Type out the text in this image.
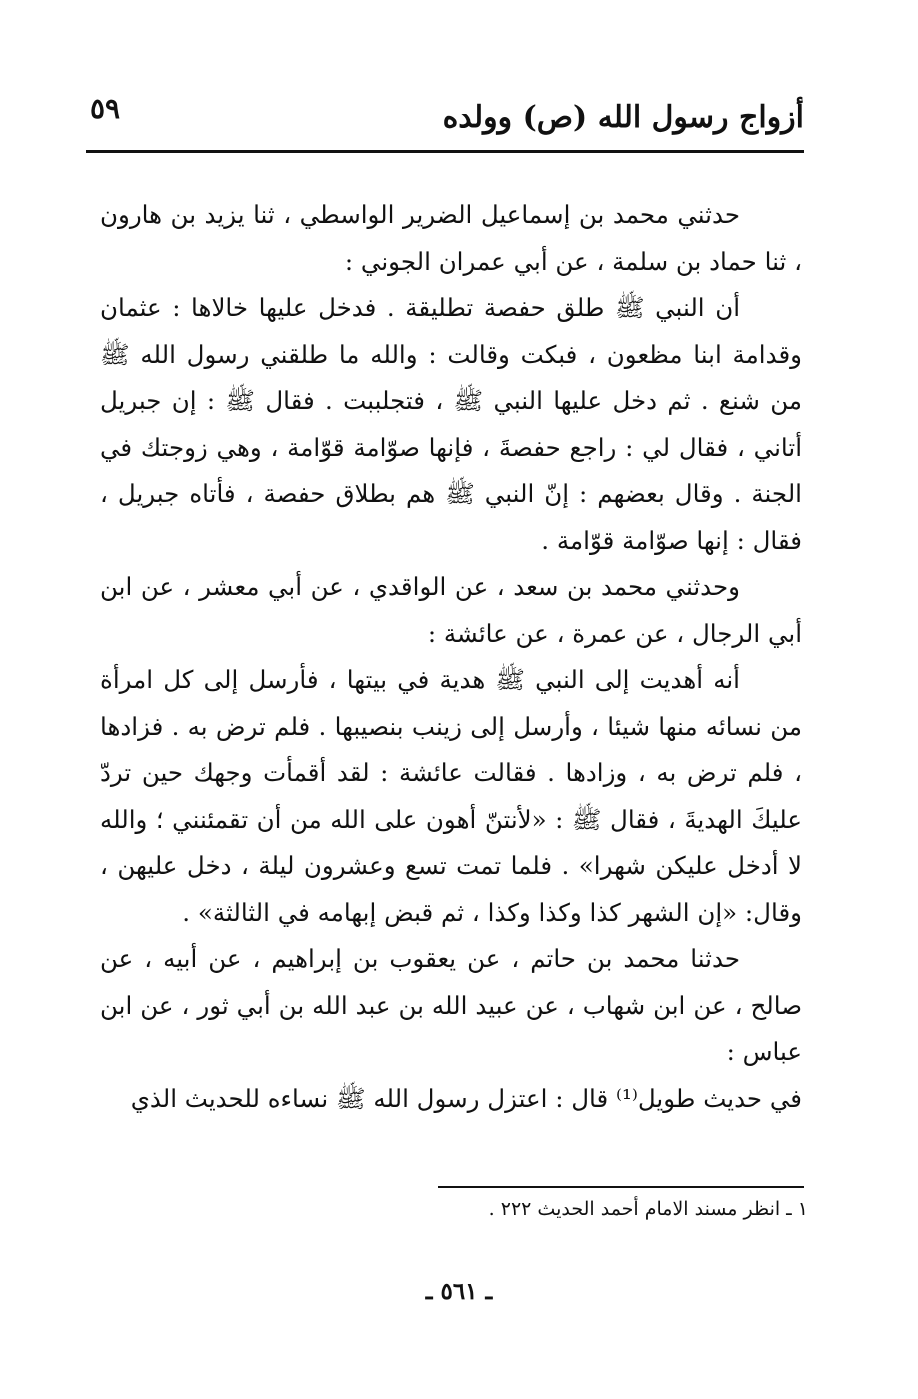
أزواج رسول الله (ص) وولده
٥٩

حدثني محمد بن إسماعيل الضرير الواسطي ، ثنا يزيد بن هارون ، ثنا حماد بن سلمة ، عن أبي عمران الجوني :

أن النبي ﷺ طلق حفصة تطليقة . فدخل عليها خالاها : عثمان وقدامة ابنا مظعون ، فبكت وقالت : والله ما طلقني رسول الله ﷺ من شنع . ثم دخل عليها النبي ﷺ ، فتجلببت . فقال ﷺ : إن جبريل أتاني ، فقال لي : راجع حفصةَ ، فإنها صوّامة قوّامة ، وهي زوجتك في الجنة . وقال بعضهم : إنّ النبي ﷺ هم بطلاق حفصة ، فأتاه جبريل ، فقال : إنها صوّامة قوّامة .

وحدثني محمد بن سعد ، عن الواقدي ، عن أبي معشر ، عن ابن أبي الرجال ، عن عمرة ، عن عائشة :

أنه أهديت إلى النبي ﷺ هدية في بيتها ، فأرسل إلى كل امرأة من نسائه منها شيئا ، وأرسل إلى زينب بنصيبها . فلم ترض به . فزادها ، فلم ترض به ، وزادها . فقالت عائشة : لقد أقمأت وجهك حين تردّ عليكَ الهديةَ ، فقال ﷺ : «لأنتنّ أهون على الله من أن تقمئنني ؛ والله لا أدخل عليكن شهرا» . فلما تمت تسع وعشرون ليلة ، دخل عليهن ، وقال: «إن الشهر كذا وكذا وكذا ، ثم قبض إبهامه في الثالثة» .

حدثنا محمد بن حاتم ، عن يعقوب بن إبراهيم ، عن أبيه ، عن صالح ، عن ابن شهاب ، عن عبيد الله بن عبد الله بن أبي ثور ، عن ابن عباس :

في حديث طويل⁽¹⁾ قال : اعتزل رسول الله ﷺ نساءه للحديث الذي

١ ـ انظر مسند الامام أحمد الحديث ٢٢٢ .
ـ ٥٦١ ـ
